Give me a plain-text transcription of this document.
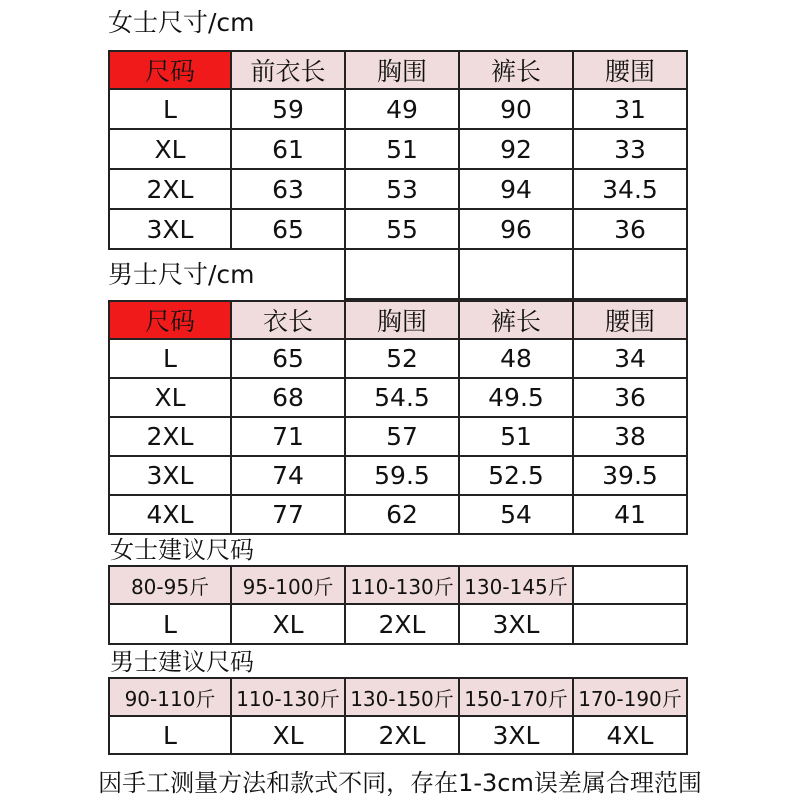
女士尺寸/cm
尺码	前衣长	胸围	裤长	腰围
L	59	49	90	31
XL	61	51	92	33
2XL	63	53	94	34.5
3XL	65	55	96	36

男士尺寸/cm
尺码	衣长	胸围	裤长	腰围
L	65	52	48	34
XL	68	54.5	49.5	36
2XL	71	57	51	38
3XL	74	59.5	52.5	39.5
4XL	77	62	54	41
女士建议尺码
80-95斤	95-100斤	110-130斤	130-145斤	
L	XL	2XL	3XL	
男士建议尺码
90-110斤	110-130斤	130-150斤	150-170斤	170-190斤
L	XL	2XL	3XL	4XL
因手工测量方法和款式不同，存在1-3cm误差属合理范围
